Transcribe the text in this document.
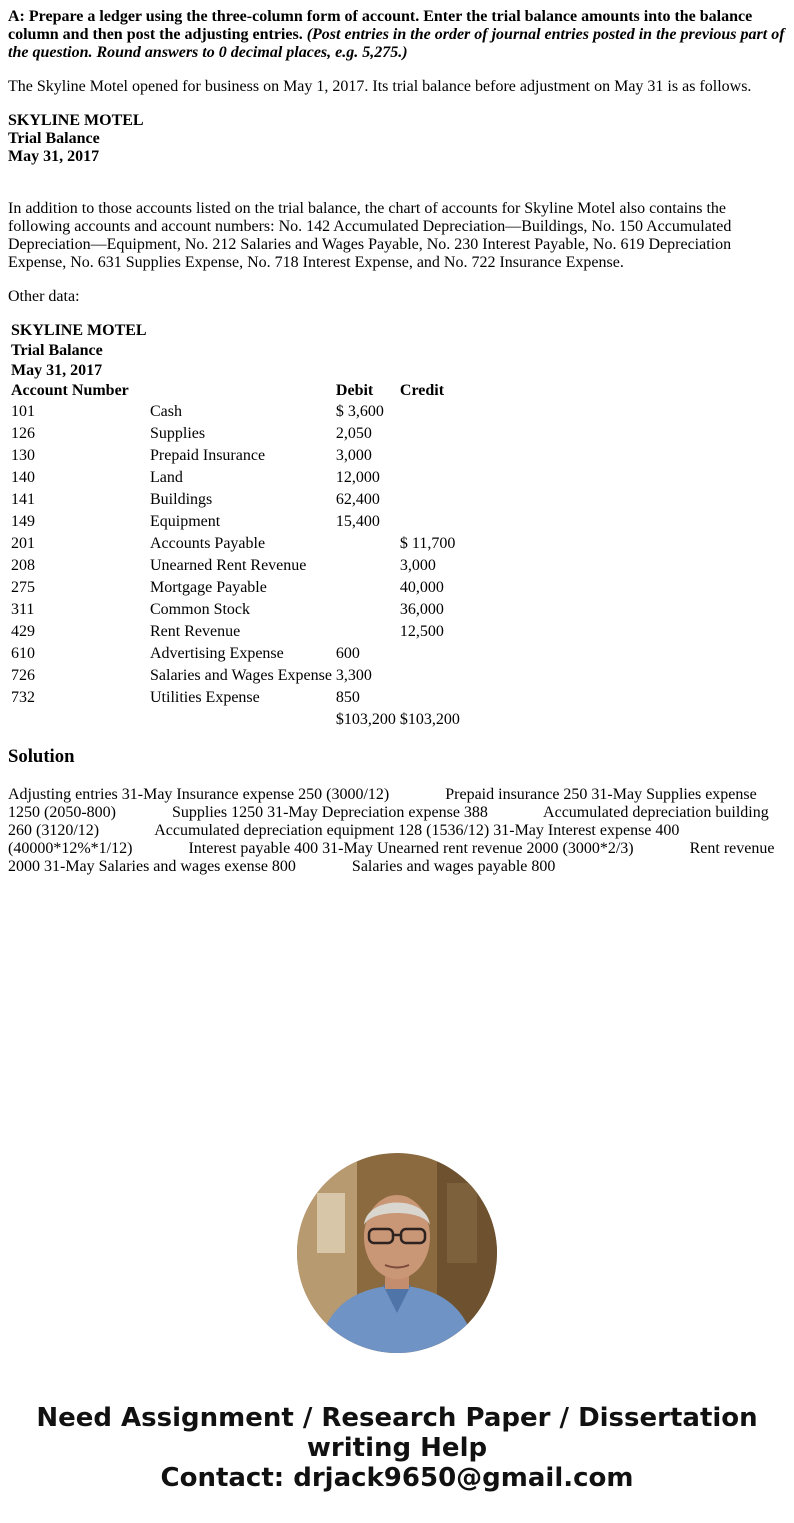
A: Prepare a ledger using the three-column form of account. Enter the trial balance amounts into the balance column and then post the adjusting entries. (Post entries in the order of journal entries posted in the previous part of the question. Round answers to 0 decimal places, e.g. 5,275.)

The Skyline Motel opened for business on May 1, 2017. Its trial balance before adjustment on May 31 is as follows.

SKYLINE MOTEL
Trial Balance
May 31, 2017

In addition to those accounts listed on the trial balance, the chart of accounts for Skyline Motel also contains the following accounts and account numbers: No. 142 Accumulated Depreciation—Buildings, No. 150 Accumulated Depreciation—Equipment, No. 212 Salaries and Wages Payable, No. 230 Interest Payable, No. 619 Depreciation Expense, No. 631 Supplies Expense, No. 718 Interest Expense, and No. 722 Insurance Expense.

Other data:

SKYLINE MOTEL			
Trial Balance			
May 31, 2017			
Account Number		Debit	Credit
101	Cash	$ 3,600	
126	Supplies	2,050	
130	Prepaid Insurance	3,000	
140	Land	12,000	
141	Buildings	62,400	
149	Equipment	15,400	
201	Accounts Payable		$ 11,700
208	Unearned Rent Revenue		3,000
275	Mortgage Payable		40,000
311	Common Stock		36,000
429	Rent Revenue		12,500
610	Advertising Expense	600	
726	Salaries and Wages Expense	3,300	
732	Utilities Expense	850	
		$103,200	$103,200
Solution

Adjusting entries 31-May Insurance expense 250 (3000/12)	Prepaid insurance 250 31-May Supplies expense 1250 (2050-800)	Supplies 1250 31-May Depreciation expense 388	Accumulated depreciation building 260 (3120/12)	Accumulated depreciation equipment 128 (1536/12) 31-May Interest expense 400 (40000*12%*1/12)	Interest payable 400 31-May Unearned rent revenue 2000 (3000*2/3)	Rent revenue 2000 31-May Salaries and wages exense 800	Salaries and wages payable 800

Need Assignment / Research Paper / Dissertation
writing Help
Contact: drjack9650@gmail.com
